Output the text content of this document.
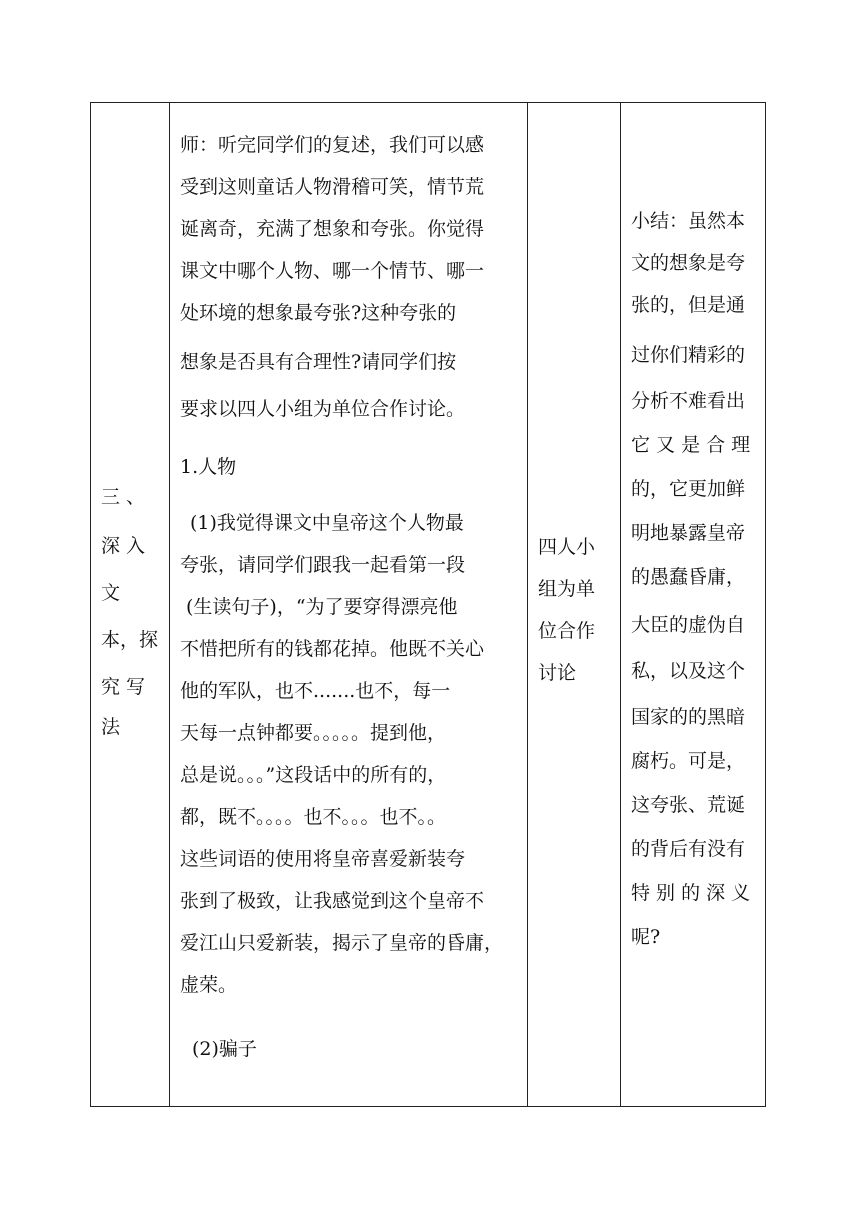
三 、
深 入
文
本，探
究 写
法
师：听完同学们的复述，我们可以感
受到这则童话人物滑稽可笑，情节荒
诞离奇，充满了想象和夸张。你觉得
课文中哪个人物、哪一个情节、哪一
处环境的想象最夸张?这种夸张的
想象是否具有合理性?请同学们按
要求以四人小组为单位合作讨论。
1.人物
(1)我觉得课文中皇帝这个人物最
夸张，请同学们跟我一起看第一段
(生读句子)，“为了要穿得漂亮他
不惜把所有的钱都花掉。他既不关心
他的军队，也不.......也不，每一
天每一点钟都要。。。。。提到他，
总是说。。。”这段话中的所有的，
都，既不。。。。也不。。。也不。。
这些词语的使用将皇帝喜爱新装夸
张到了极致，让我感觉到这个皇帝不
爱江山只爱新装，揭示了皇帝的昏庸，
虚荣。
(2)骗子
四人小
组为单
位合作
讨论
小结：虽然本
文的想象是夸
张的，但是通
过你们精彩的
分析不难看出
它 又 是 合 理
的，它更加鲜
明地暴露皇帝
的愚蠢昏庸，
大臣的虚伪自
私，以及这个
国家的的黑暗
腐朽。可是，
这夸张、荒诞
的背后有没有
特 别 的 深 义
呢?
